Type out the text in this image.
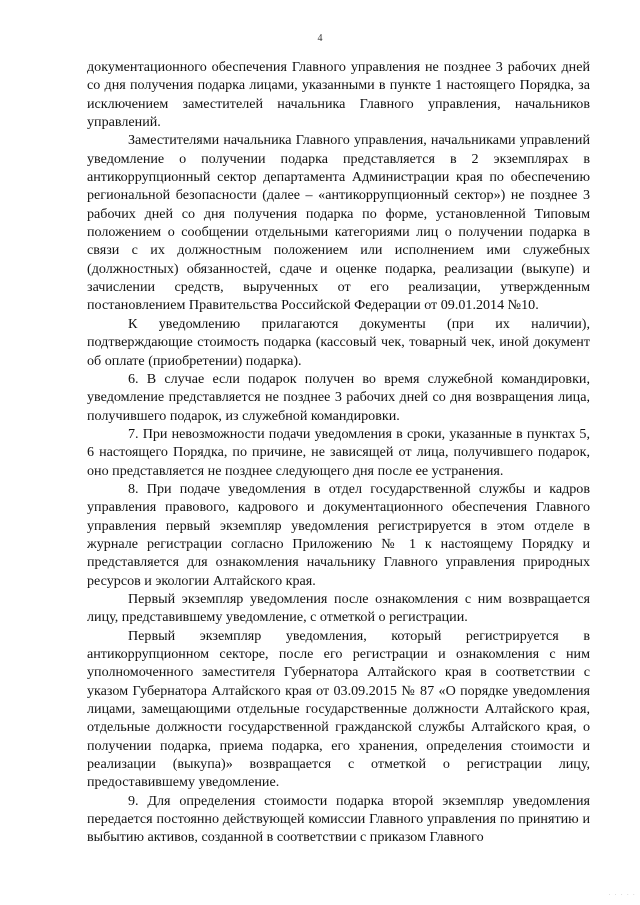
4

документационного обеспечения Главного управления не позднее 3 рабочих дней со дня получения подарка лицами, указанными в пункте 1 настоящего Порядка, за исключением заместителей начальника Главного управления, начальников управлений.

Заместителями начальника Главного управления, начальниками управлений уведомление о получении подарка представляется в 2 экземплярах в антикоррупционный сектор департамента Администрации края по обеспечению региональной безопасности (далее – «антикоррупционный сектор») не позднее 3 рабочих дней со дня получения подарка по форме, установленной Типовым положением о сообщении отдельными категориями лиц о получении подарка в связи с их должностным положением или исполнением ими служебных (должностных) обязанностей, сдаче и оценке подарка, реализации (выкупе) и зачислении средств, вырученных от его реализации, утвержденным постановлением Правительства Российской Федерации от 09.01.2014 №10.

К уведомлению прилагаются документы (при их наличии), подтверждающие стоимость подарка (кассовый чек, товарный чек, иной документ об оплате (приобретении) подарка).

6. В случае если подарок получен во время служебной командировки, уведомление представляется не позднее 3 рабочих дней со дня возвращения лица, получившего подарок, из служебной командировки.

7. При невозможности подачи уведомления в сроки, указанные в пунктах 5, 6 настоящего Порядка, по причине, не зависящей от лица, получившего подарок, оно представляется не позднее следующего дня после ее устранения.

8. При подаче уведомления в отдел государственной службы и кадров управления правового, кадрового и документационного обеспечения Главного управления первый экземпляр уведомления регистрируется в этом отделе в журнале регистрации согласно Приложению № 1 к настоящему Порядку и представляется для ознакомления начальнику Главного управления природных ресурсов и экологии Алтайского края.

Первый экземпляр уведомления после ознакомления с ним возвращается лицу, представившему уведомление, с отметкой о регистрации.

Первый экземпляр уведомления, который регистрируется в антикоррупционном секторе, после его регистрации и ознакомления с ним уполномоченного заместителя Губернатора Алтайского края в соответствии с указом Губернатора Алтайского края от 03.09.2015 № 87 «О порядке уведомления лицами, замещающими отдельные государственные должности Алтайского края, отдельные должности государственной гражданской службы Алтайского края, о получении подарка, приема подарка, его хранения, определения стоимости и реализации (выкупа)» возвращается с отметкой о регистрации лицу, предоставившему уведомление.

9. Для определения стоимости подарка второй экземпляр уведомления передается постоянно действующей комиссии Главного управления по принятию и выбытию активов, созданной в соответствии с приказом Главного

· · · · ·
